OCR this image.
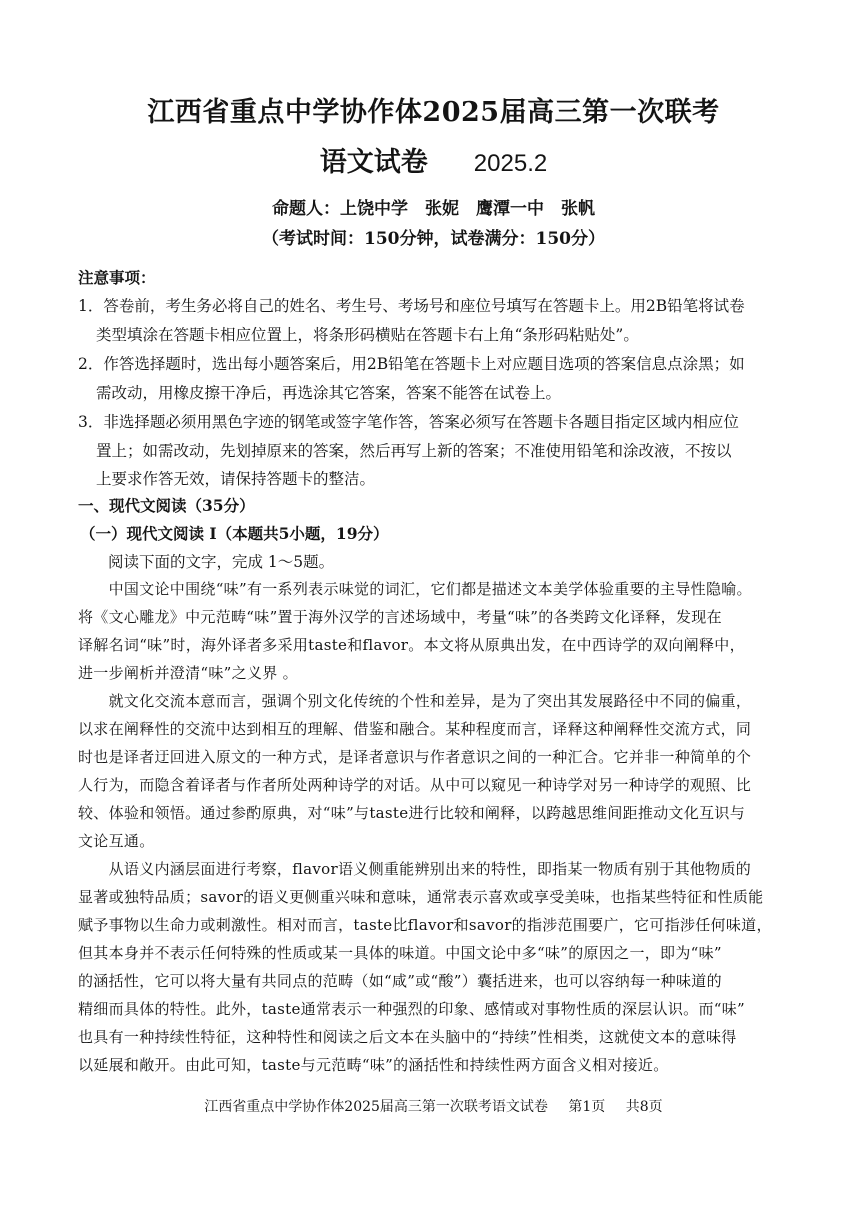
江西省重点中学协作体2025届高三第一次联考
语文试卷 2025.2
命题人：上饶中学　张妮　鹰潭一中　张帆
（考试时间：150分钟，试卷满分：150分）
注意事项：
1．答卷前，考生务必将自己的姓名、考生号、考场号和座位号填写在答题卡上。用2B铅笔将试卷
类型填涂在答题卡相应位置上，将条形码横贴在答题卡右上角“条形码粘贴处”。
2．作答选择题时，选出每小题答案后，用2B铅笔在答题卡上对应题目选项的答案信息点涂黑；如
需改动，用橡皮擦干净后，再选涂其它答案，答案不能答在试卷上。
3．非选择题必须用黑色字迹的钢笔或签字笔作答，答案必须写在答题卡各题目指定区域内相应位
置上；如需改动，先划掉原来的答案，然后再写上新的答案；不准使用铅笔和涂改液，不按以
上要求作答无效，请保持答题卡的整洁。
一、现代文阅读（35分）
（一）现代文阅读 I（本题共5小题，19分）
阅读下面的文字，完成 1～5题。
　　中国文论中围绕“味”有一系列表示味觉的词汇，它们都是描述文本美学体验重要的主导性隐喻。
将《文心雕龙》中元范畴“味”置于海外汉学的言述场域中，考量“味”的各类跨文化译释，发现在
译解名词“味”时，海外译者多采用taste和flavor。本文将从原典出发，在中西诗学的双向阐释中，
进一步阐析并澄清“味”之义界 。
　　就文化交流本意而言，强调个别文化传统的个性和差异，是为了突出其发展路径中不同的偏重，
以求在阐释性的交流中达到相互的理解、借鉴和融合。某种程度而言，译释这种阐释性交流方式，同
时也是译者迂回进入原文的一种方式，是译者意识与作者意识之间的一种汇合。它并非一种简单的个
人行为，而隐含着译者与作者所处两种诗学的对话。从中可以窥见一种诗学对另一种诗学的观照、比
较、体验和领悟。通过参酌原典，对“味”与taste进行比较和阐释，以跨越思维间距推动文化互识与
文论互通。
　　从语义内涵层面进行考察，flavor语义侧重能辨别出来的特性，即指某一物质有别于其他物质的
显著或独特品质；savor的语义更侧重兴味和意味，通常表示喜欢或享受美味，也指某些特征和性质能
赋予事物以生命力或刺激性。相对而言，taste比flavor和savor的指涉范围要广，它可指涉任何味道，
但其本身并不表示任何特殊的性质或某一具体的味道。中国文论中多“味”的原因之一，即为“味”
的涵括性，它可以将大量有共同点的范畴（如“咸”或“酸”）囊括进来，也可以容纳每一种味道的
精细而具体的特性。此外，taste通常表示一种强烈的印象、感情或对事物性质的深层认识。而“味”
也具有一种持续性特征，这种特性和阅读之后文本在头脑中的“持续”性相类，这就使文本的意味得
以延展和敞开。由此可知，taste与元范畴“味”的涵括性和持续性两方面含义相对接近。
江西省重点中学协作体2025届高三第一次联考语文试卷 第1页 共8页
